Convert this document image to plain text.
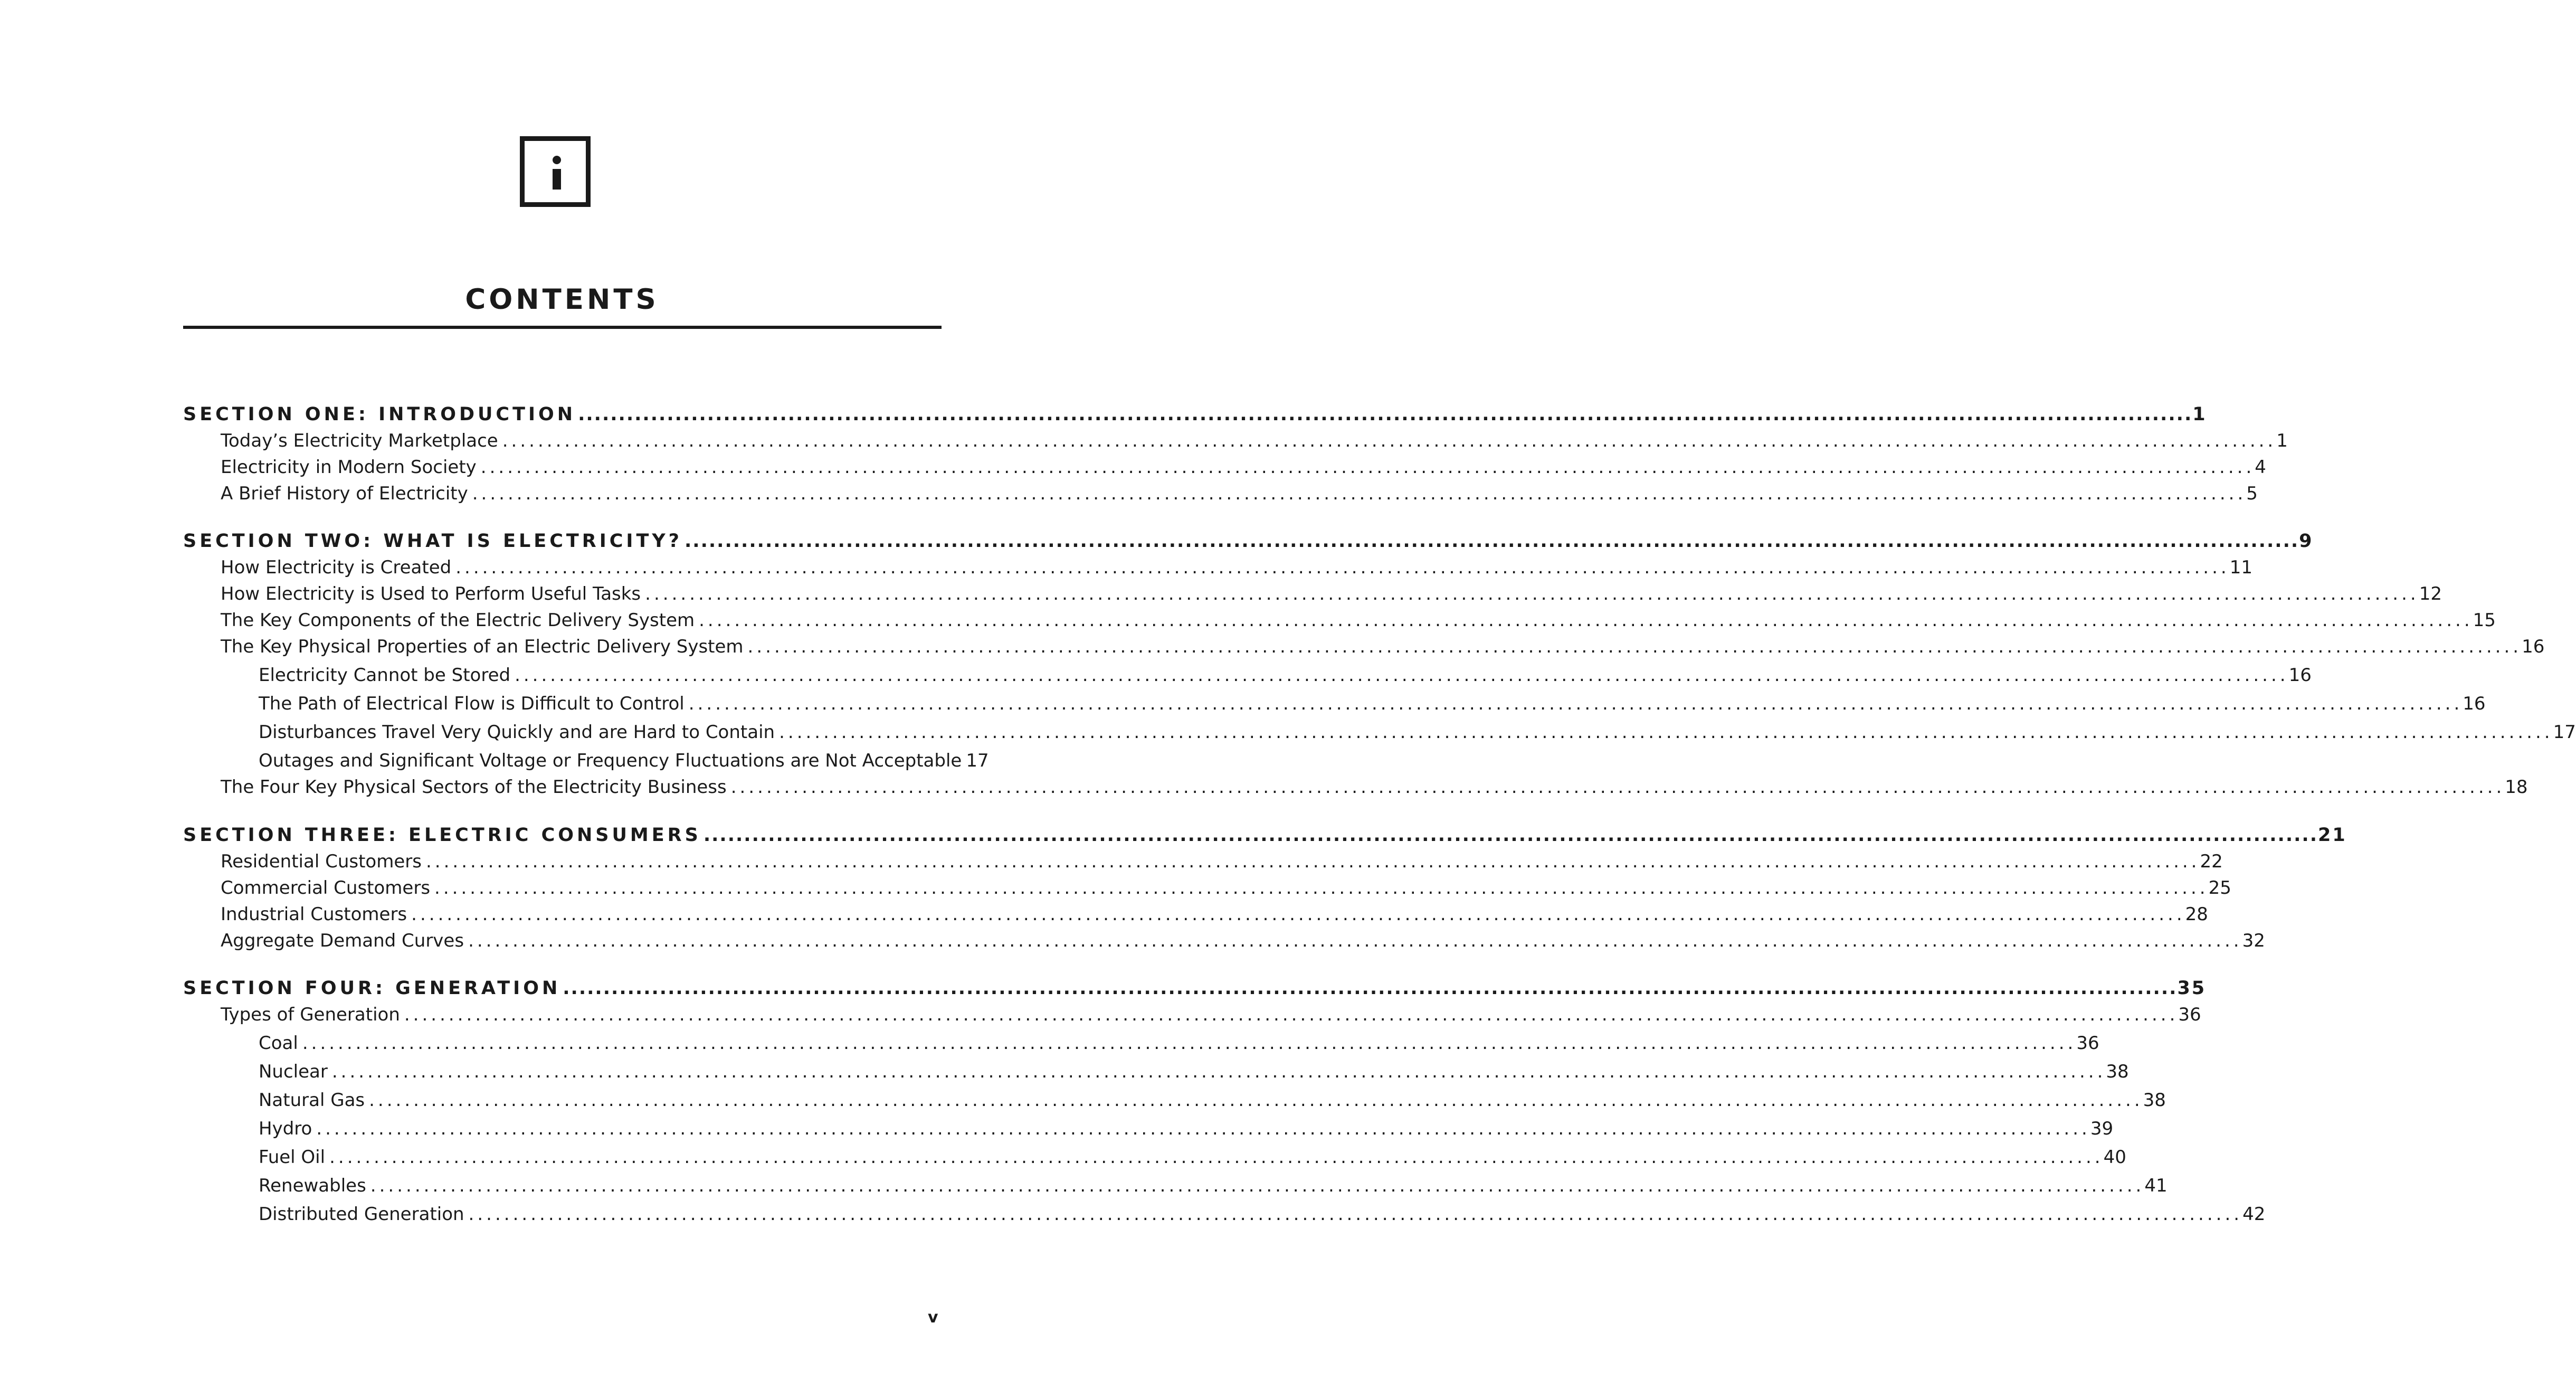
CONTENTS
SECTION ONE: INTRODUCTION ........................................................................................................................................................................................................ 1
Today’s Electricity Marketplace ........................................................................................................................................................................................................ 1
Electricity in Modern Society ........................................................................................................................................................................................................ 4
A Brief History of Electricity ........................................................................................................................................................................................................ 5
SECTION TWO: WHAT IS ELECTRICITY? ........................................................................................................................................................................................................ 9
How Electricity is Created ........................................................................................................................................................................................................ 11
How Electricity is Used to Perform Useful Tasks ........................................................................................................................................................................................................ 12
The Key Components of the Electric Delivery System ........................................................................................................................................................................................................ 15
The Key Physical Properties of an Electric Delivery System ........................................................................................................................................................................................................ 16
Electricity Cannot be Stored ........................................................................................................................................................................................................ 16
The Path of Electrical Flow is Difficult to Control ........................................................................................................................................................................................................ 16
Disturbances Travel Very Quickly and are Hard to Contain ........................................................................................................................................................................................................ 17
Outages and Significant Voltage or Frequency Fluctuations are Not Acceptable 17
The Four Key Physical Sectors of the Electricity Business ........................................................................................................................................................................................................ 18
SECTION THREE: ELECTRIC CONSUMERS ........................................................................................................................................................................................................ 21
Residential Customers ........................................................................................................................................................................................................ 22
Commercial Customers ........................................................................................................................................................................................................ 25
Industrial Customers ........................................................................................................................................................................................................ 28
Aggregate Demand Curves ........................................................................................................................................................................................................ 32
SECTION FOUR: GENERATION ........................................................................................................................................................................................................ 35
Types of Generation ........................................................................................................................................................................................................ 36
Coal ........................................................................................................................................................................................................ 36
Nuclear ........................................................................................................................................................................................................ 38
Natural Gas ........................................................................................................................................................................................................ 38
Hydro ........................................................................................................................................................................................................ 39
Fuel Oil ........................................................................................................................................................................................................ 40
Renewables ........................................................................................................................................................................................................ 41
Distributed Generation ........................................................................................................................................................................................................ 42

v
